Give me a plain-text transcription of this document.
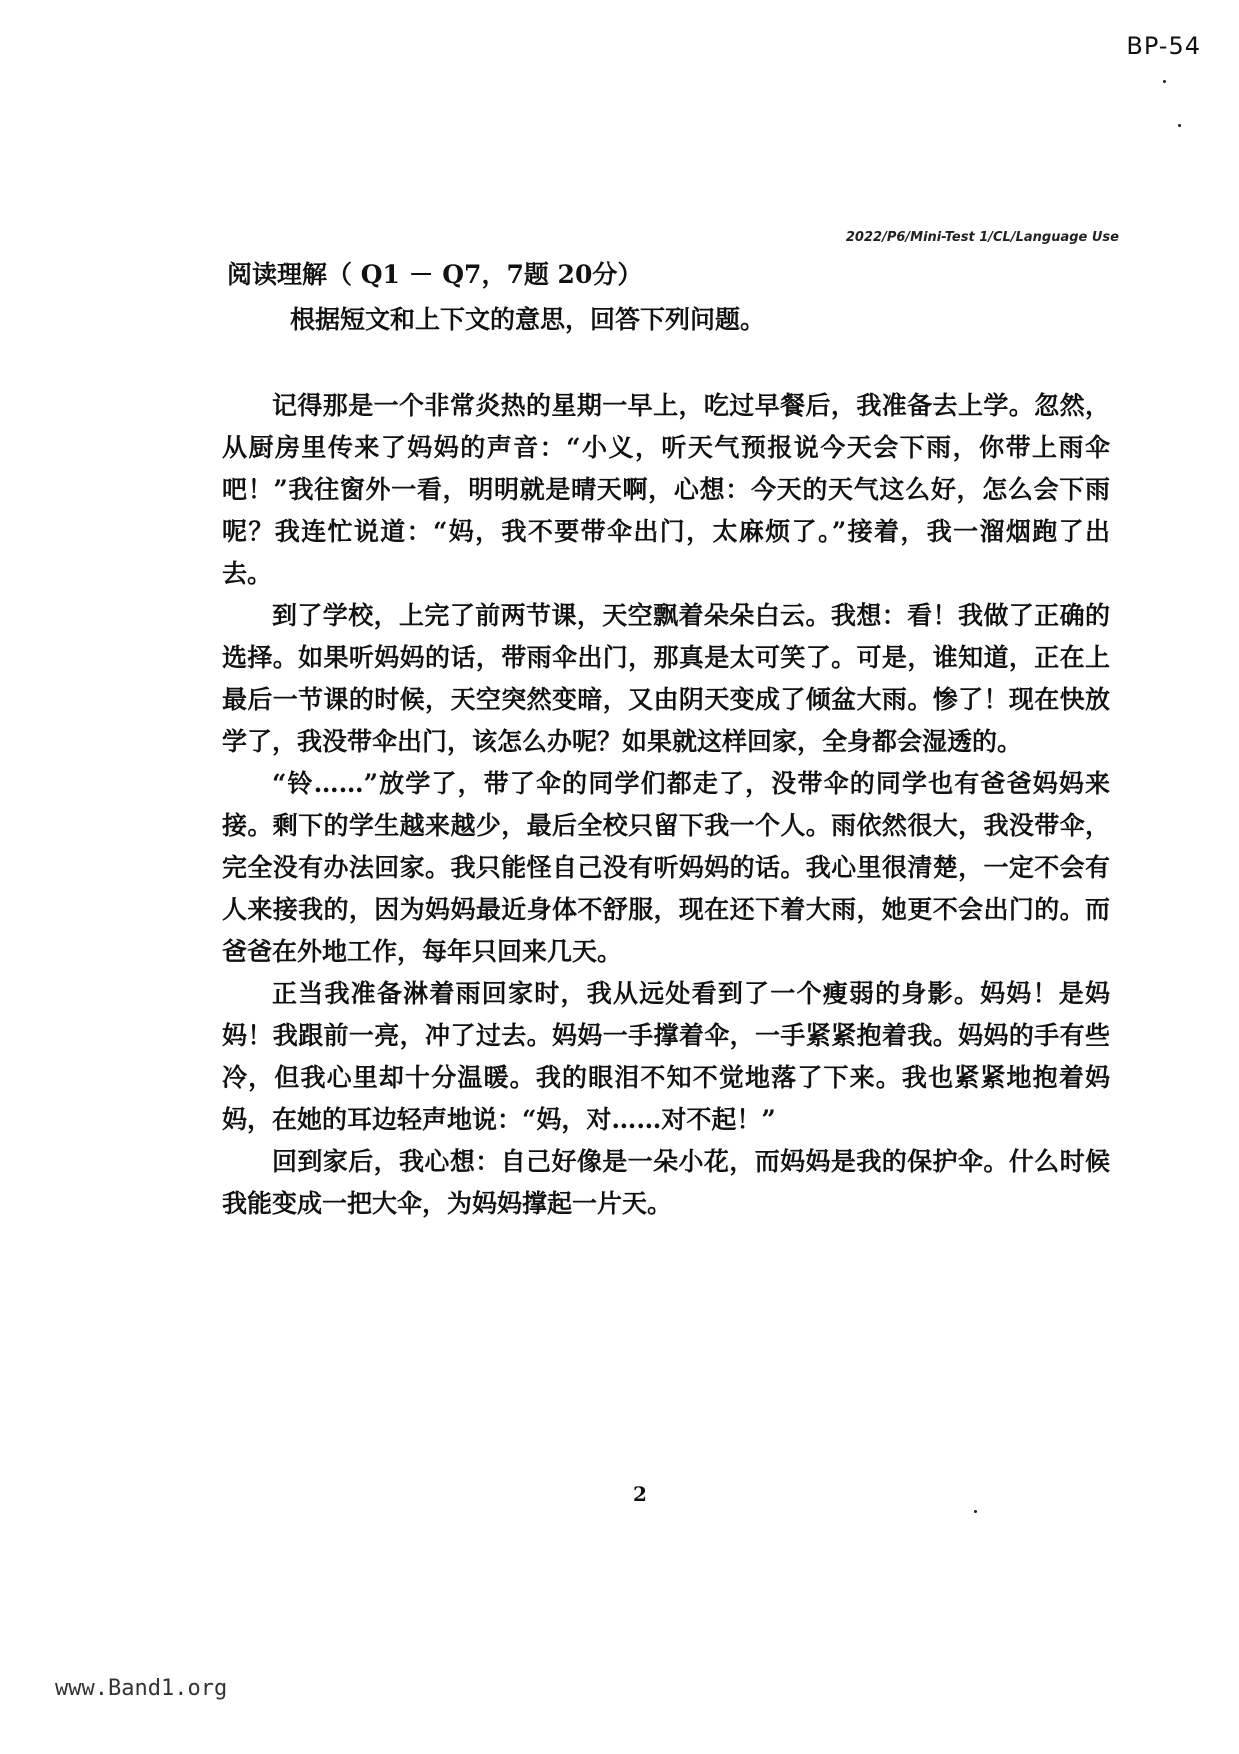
BP-54
2022/P6/Mini-Test 1/CL/Language Use
阅读理解（ Q1 － Q7，7题 20分）
根据短文和上下文的意思，回答下列问题。

记得那是一个非常炎热的星期一早上，吃过早餐后，我准备去上学。忽然，从厨房里传来了妈妈的声音：“小义，听天气预报说今天会下雨，你带上雨伞吧！”我往窗外一看，明明就是晴天啊，心想：今天的天气这么好，怎么会下雨呢？我连忙说道：“妈，我不要带伞出门，太麻烦了。”接着，我一溜烟跑了出去。

到了学校，上完了前两节课，天空飘着朵朵白云。我想：看！我做了正确的选择。如果听妈妈的话，带雨伞出门，那真是太可笑了。可是，谁知道，正在上最后一节课的时候，天空突然变暗，又由阴天变成了倾盆大雨。惨了！现在快放学了，我没带伞出门，该怎么办呢？如果就这样回家，全身都会湿透的。

“铃……”放学了，带了伞的同学们都走了，没带伞的同学也有爸爸妈妈来接。剩下的学生越来越少，最后全校只留下我一个人。雨依然很大，我没带伞，完全没有办法回家。我只能怪自己没有听妈妈的话。我心里很清楚，一定不会有人来接我的，因为妈妈最近身体不舒服，现在还下着大雨，她更不会出门的。而爸爸在外地工作，每年只回来几天。

正当我准备淋着雨回家时，我从远处看到了一个瘦弱的身影。妈妈！是妈妈！我跟前一亮，冲了过去。妈妈一手撑着伞，一手紧紧抱着我。妈妈的手有些冷，但我心里却十分温暖。我的眼泪不知不觉地落了下来。我也紧紧地抱着妈妈，在她的耳边轻声地说：“妈，对……对不起！”

回到家后，我心想：自己好像是一朵小花，而妈妈是我的保护伞。什么时候我能变成一把大伞，为妈妈撑起一片天。

2
www.Band1.org
